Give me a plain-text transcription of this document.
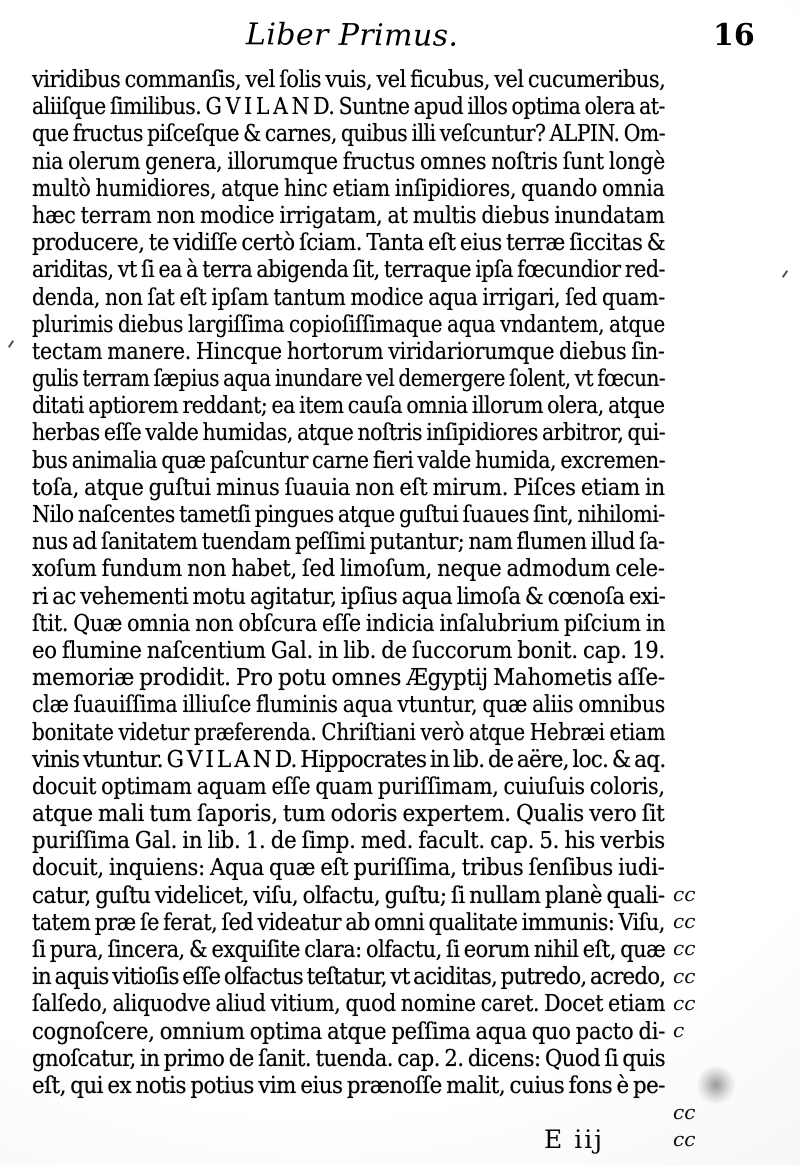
Liber Primus.	16
viridibus commanſis, vel ſolis vuis, vel ficubus, vel cucumeribus,
aliiſque ſimilibus. G V I L A N D. Suntne apud illos optima olera at-
que fructus piſceſque & carnes, quibus illi veſcuntur? ALPIN. Om-
nia olerum genera, illorumque fructus omnes noſtris ſunt longè
multò humidiores, atque hinc etiam inſipidiores, quando omnia
hæc terram non modice irrigatam, at multis diebus inundatam
producere, te vidiſſe certò ſciam. Tanta eſt eius terræ ſiccitas &
ariditas, vt ſi ea à terra abigenda ſit, terraque ipſa fœcundior red-
denda, non ſat eſt ipſam tantum modice aqua irrigari, ſed quam-
plurimis diebus largiſſima copioſiſſimaque aqua vndantem, atque
tectam manere. Hincque hortorum viridariorumque diebus ſin-
gulis terram ſæpius aqua inundare vel demergere ſolent, vt fœcun-
ditati aptiorem reddant; ea item cauſa omnia illorum olera, atque
herbas eſſe valde humidas, atque noſtris inſipidiores arbitror, qui-
bus animalia quæ paſcuntur carne fieri valde humida, excremen-
toſa, atque guſtui minus ſuauia non eſt mirum. Piſces etiam in
Nilo naſcentes tametſi pingues atque guſtui ſuaues ſint, nihilomi-
nus ad ſanitatem tuendam peſſimi putantur; nam flumen illud ſa-
xoſum fundum non habet, ſed limoſum, neque admodum cele-
ri ac vehementi motu agitatur, ipſius aqua limoſa & cœnoſa exi-
ſtit. Quæ omnia non obſcura eſſe indicia inſalubrium piſcium in
eo flumine naſcentium Gal. in lib. de ſuccorum bonit. cap. 19.
memoriæ prodidit. Pro potu omnes Ægyptij Mahometis aſſe-
clæ ſuauiſſima illiuſce fluminis aqua vtuntur, quæ aliis omnibus
bonitate videtur præferenda. Chriſtiani verò atque Hebræi etiam
vinis vtuntur. G V I L A N D. Hippocrates in lib. de aëre, loc. & aq.
docuit optimam aquam eſſe quam puriſſimam, cuiuſuis coloris,
atque mali tum ſaporis, tum odoris expertem. Qualis vero ſit
puriſſima Gal. in lib. 1. de ſimp. med. facult. cap. 5. his verbis
docuit, inquiens: Aqua quæ eſt puriſſima, tribus ſenſibus iudi-
catur, guſtu videlicet, viſu, olfactu, guſtu; ſi nullam planè quali-
tatem præ ſe ferat, ſed videatur ab omni qualitate immunis: Viſu,
ſi pura, ſincera, & exquiſite clara: olfactu, ſi eorum nihil eſt, quæ
in aquis vitioſis eſſe olfactus teſtatur, vt aciditas, putredo, acredo,
ſalſedo, aliquodve aliud vitium, quod nomine caret. Docet etiam
cognoſcere, omnium optima atque peſſima aqua quo pacto di-
gnoſcatur, in primo de ſanit. tuenda. cap. 2. dicens: Quod ſi quis
eſt, qui ex notis potius vim eius prænoſſe malit, cuius fons è pe-
cc
cc
cc
cc
cc
c
cc
cc
E iij
